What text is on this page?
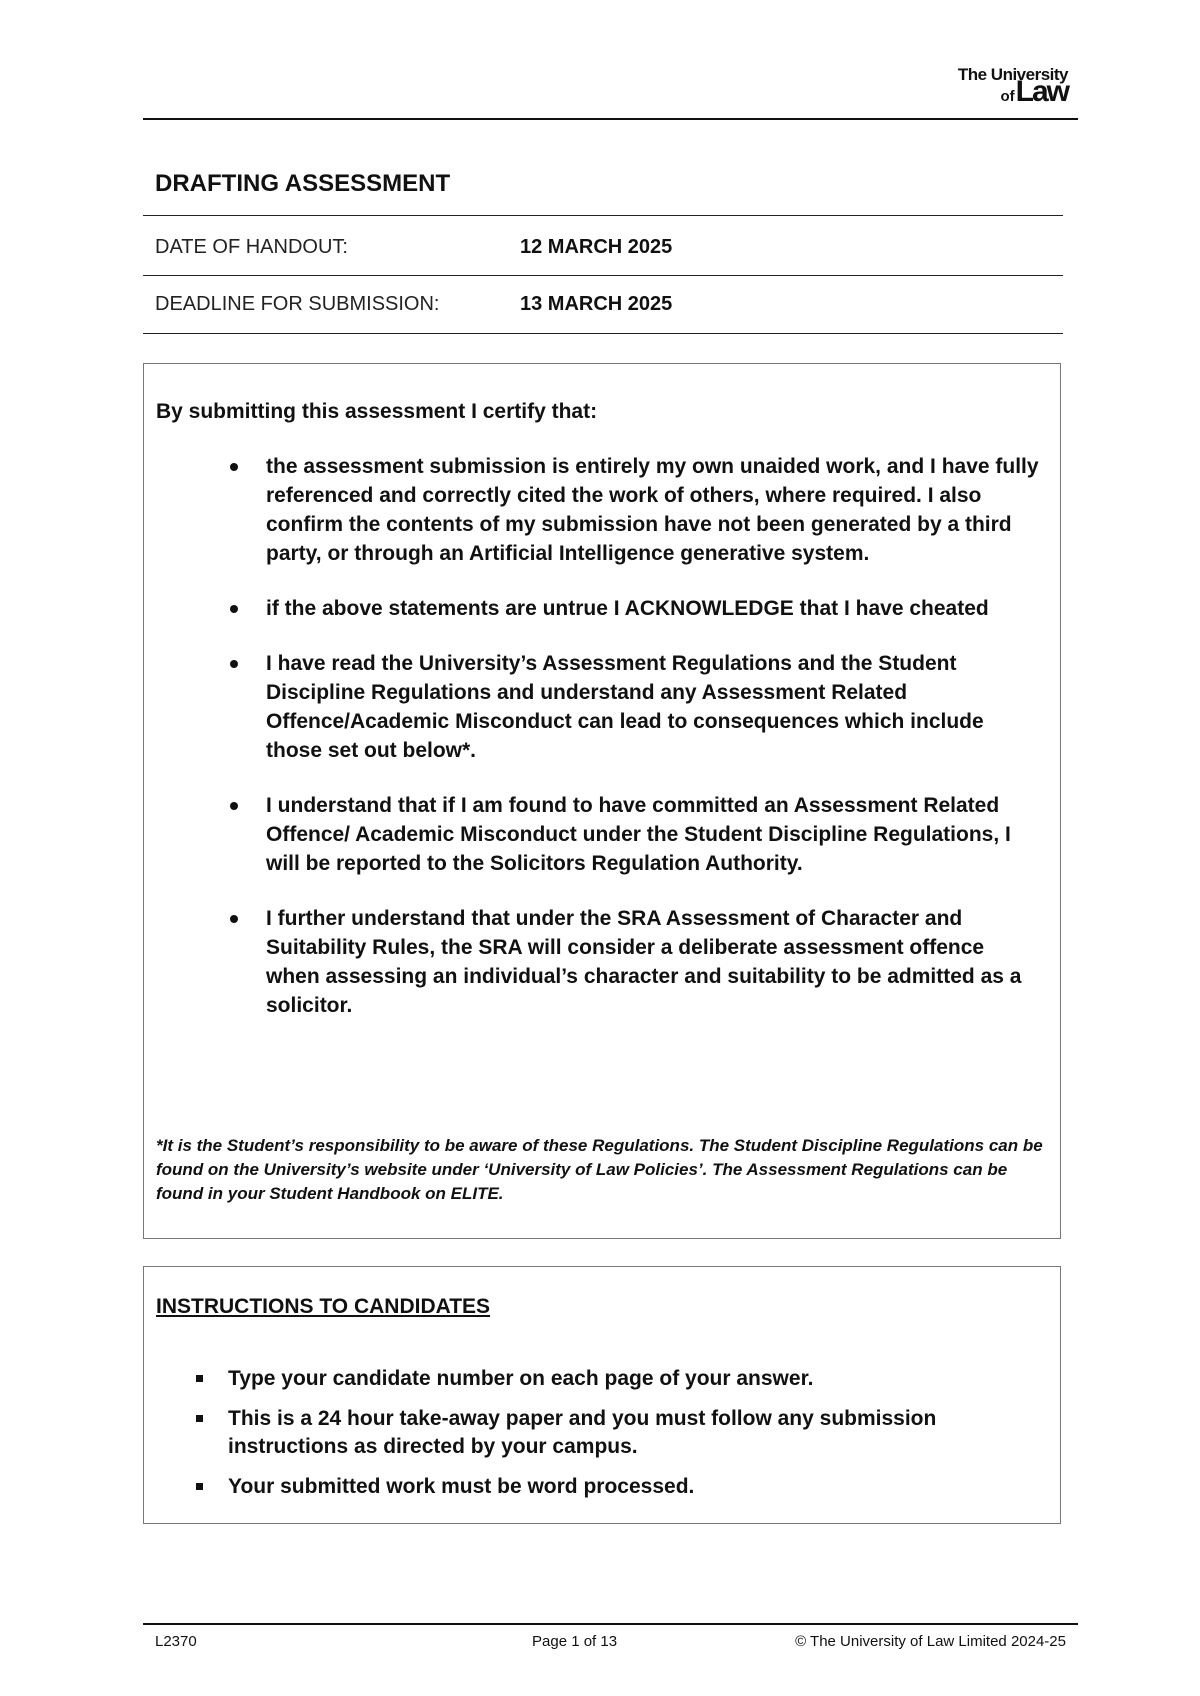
The University
of Law
DRAFTING ASSESSMENT
DATE OF HANDOUT:	12 MARCH 2025
DEADLINE FOR SUBMISSION:	13 MARCH 2025
By submitting this assessment I certify that:
the assessment submission is entirely my own unaided work, and I have fully referenced and correctly cited the work of others, where required. I also confirm the contents of my submission have not been generated by a third party, or through an Artificial Intelligence generative system.
if the above statements are untrue I ACKNOWLEDGE that I have cheated
I have read the University’s Assessment Regulations and the Student Discipline Regulations and understand any Assessment Related Offence/Academic Misconduct can lead to consequences which include those set out below*.
I understand that if I am found to have committed an Assessment Related Offence/ Academic Misconduct under the Student Discipline Regulations, I will be reported to the Solicitors Regulation Authority.
I further understand that under the SRA Assessment of Character and Suitability Rules, the SRA will consider a deliberate assessment offence when assessing an individual’s character and suitability to be admitted as a solicitor.
*It is the Student’s responsibility to be aware of these Regulations. The Student Discipline Regulations can be found on the University’s website under ‘University of Law Policies’. The Assessment Regulations can be found in your Student Handbook on ELITE.
INSTRUCTIONS TO CANDIDATES
Type your candidate number on each page of your answer.
This is a 24 hour take-away paper and you must follow any submission instructions as directed by your campus.
Your submitted work must be word processed.
L2370	Page 1 of 13	© The University of Law Limited 2024-25
